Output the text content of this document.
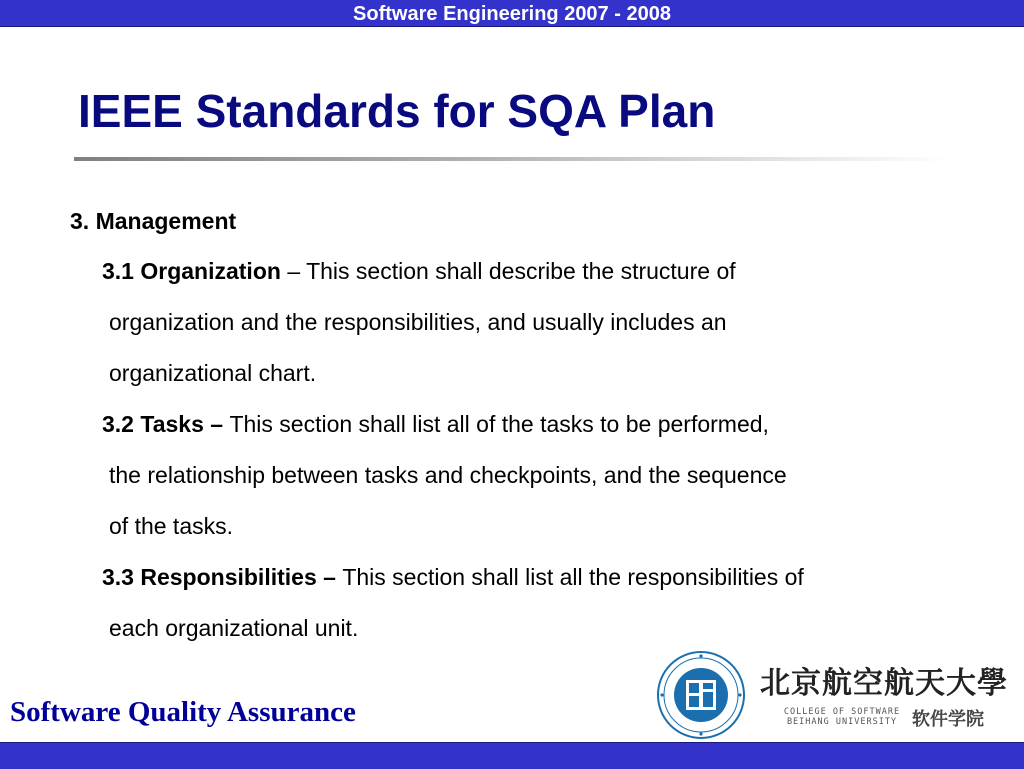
Software Engineering 2007 - 2008
IEEE Standards for SQA Plan
3. Management
3.1 Organization – This section shall describe the structure of
organization and the responsibilities, and usually includes an
organizational chart.
3.2 Tasks – This section shall list all of the tasks to be performed,
the relationship between tasks and checkpoints, and the sequence
of the tasks.
3.3 Responsibilities – This section shall list all the responsibilities of
each organizational unit.
Software Quality Assurance
北京航空航天大學
COLLEGE OF SOFTWARE
BEIHANG UNIVERSITY 软件学院
